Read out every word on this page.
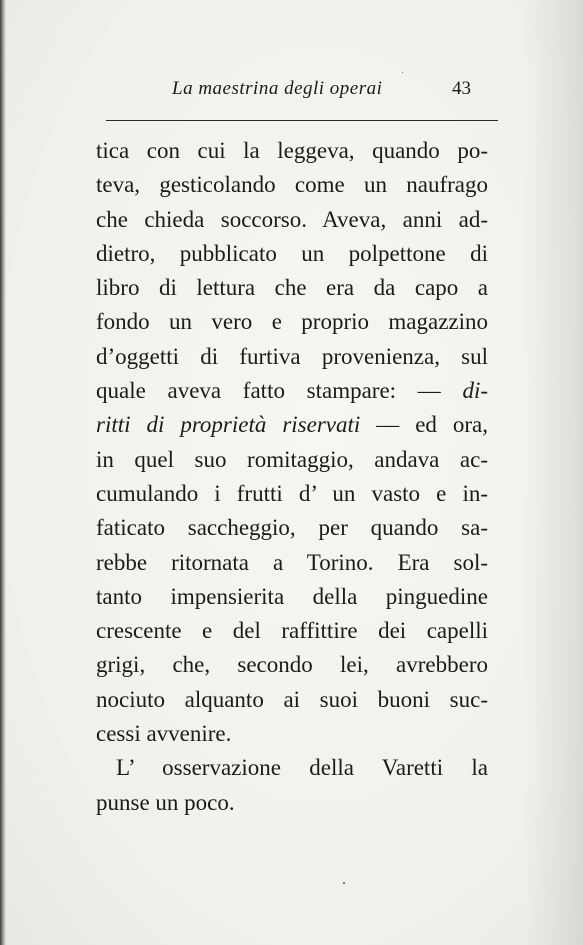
La maestrina degli operai	43
tica con cui la leggeva, quando po-
teva, gesticolando come un naufrago
che chieda soccorso. Aveva, anni ad-
dietro, pubblicato un polpettone di
libro di lettura che era da capo a
fondo un vero e proprio magazzino
d’oggetti di furtiva provenienza, sul
quale aveva fatto stampare: — di-
ritti di proprietà riservati — ed ora,
in quel suo romitaggio, andava ac-
cumulando i frutti d’ un vasto e in-
faticato saccheggio, per quando sa-
rebbe ritornata a Torino. Era sol-
tanto impensierita della pinguedine
crescente e del raffittire dei capelli
grigi, che, secondo lei, avrebbero
nociuto alquanto ai suoi buoni suc-
cessi avvenire.
L’ osservazione della Varetti la
punse un poco.
